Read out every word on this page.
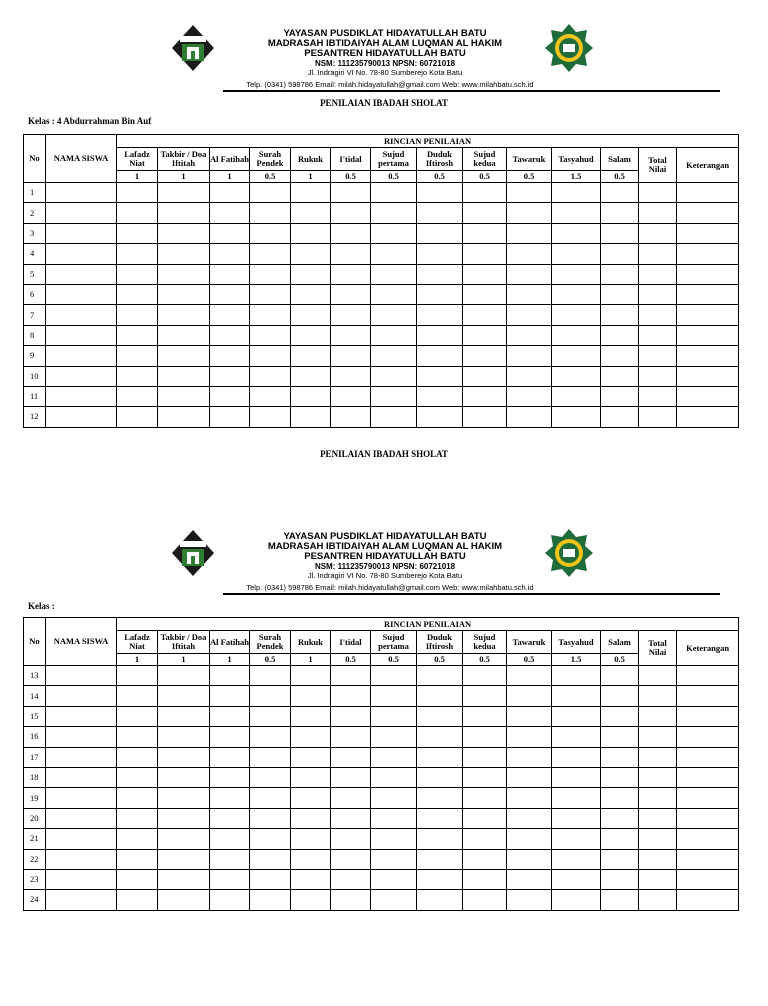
YAYASAN PUSDIKLAT HIDAYATULLAH BATU
MADRASAH IBTIDAIYAH ALAM LUQMAN AL HAKIM
PESANTREN HIDAYATULLAH BATU
NSM: 111235790013 NPSN: 60721018
Jl. Indragiri VI No. 78-80 Sumberejo Kota Batu
Telp. (0341) 598786 Email: milah.hidayatullah@gmail.com Web: www.milahbatu.sch.id
PENILAIAN IBADAH SHOLAT
Kelas : 4 Abdurrahman Bin Auf
No	NAMA SISWA	RINCIAN PENILAIAN													
		Lafadz Niat	Takbir / Doa Iftitah	Al Fatihah	Surah Pendek	Rukuk	I'tidal	Sujud pertama	Duduk Iftirosh	Sujud kedua	Tawaruk	Tasyahud	Salam	Total Nilai	Keterangan
		1	1	1	0.5	1	0.5	0.5	0.5	0.5	0.5	1.5	0.5		
1															
2															
3															
4															
5															
6															
7															
8															
9															
10															
11															
12															
PENILAIAN IBADAH SHOLAT
YAYASAN PUSDIKLAT HIDAYATULLAH BATU
MADRASAH IBTIDAIYAH ALAM LUQMAN AL HAKIM
PESANTREN HIDAYATULLAH BATU
NSM: 111235790013 NPSN: 60721018
Jl. Indragiri VI No. 78-80 Sumberejo Kota Batu
Telp. (0341) 598786 Email: milah.hidayatullah@gmail.com Web: www.milahbatu.sch.id
Kelas :
No	NAMA SISWA	RINCIAN PENILAIAN													
		Lafadz Niat	Takbir / Doa Iftitah	Al Fatihah	Surah Pendek	Rukuk	I'tidal	Sujud pertama	Duduk Iftirosh	Sujud kedua	Tawaruk	Tasyahud	Salam	Total Nilai	Keterangan
		1	1	1	0.5	1	0.5	0.5	0.5	0.5	0.5	1.5	0.5		
13															
14															
15															
16															
17															
18															
19															
20															
21															
22															
23															
24															
